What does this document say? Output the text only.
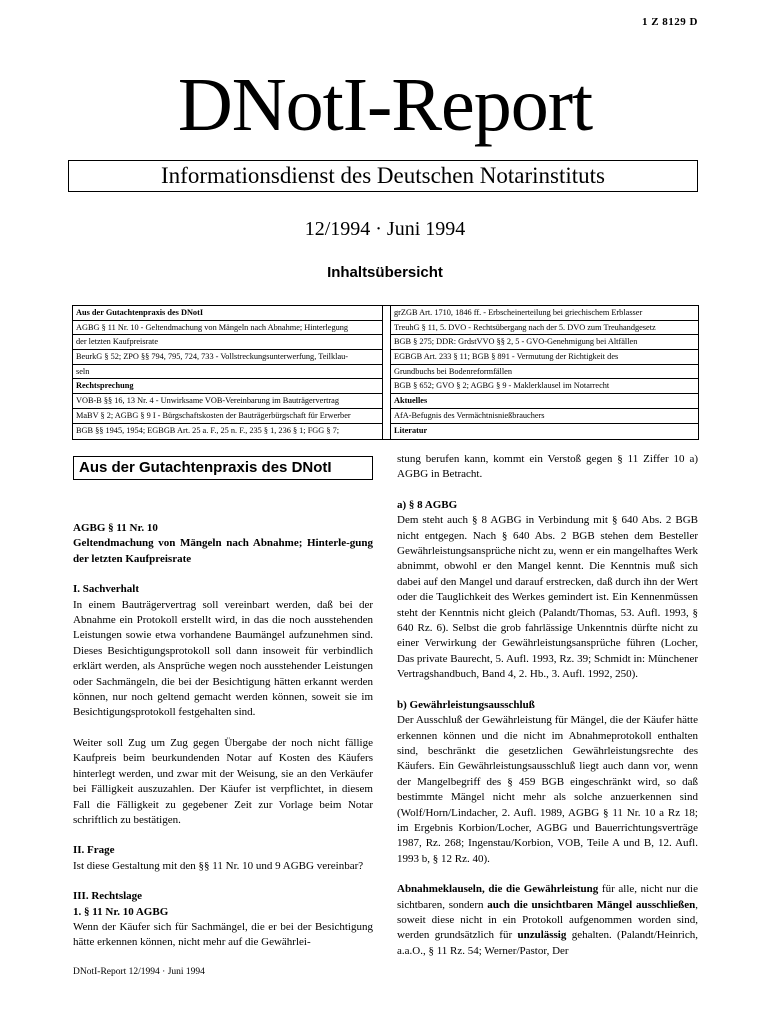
1 Z 8129 D
DNotI-Report
Informationsdienst des Deutschen Notarinstituts
12/1994 · Juni 1994
Inhaltsübersicht
Aus der Gutachtenpraxis des DNotI
AGBG § 11 Nr. 10 - Geltendmachung von Mängeln nach Abnahme; Hinterlegung
der letzten Kaufpreisrate
BeurkG § 52; ZPO §§ 794, 795, 724, 733 - Vollstreckungsunterwerfung, Teilklau-
seln
Rechtsprechung
VOB-B §§ 16, 13 Nr. 4 - Unwirksame VOB-Vereinbarung im Bauträgervertrag
MaBV § 2; AGBG § 9 I - Bürgschaftskosten der Bauträgerbürgschaft für Erwerber
BGB §§ 1945, 1954; EGBGB Art. 25 a. F., 25 n. F., 235 § 1, 236 § 1; FGG § 7;
grZGB Art. 1710, 1846 ff. - Erbscheinerteilung bei griechischem Erblasser
TreuhG § 11, 5. DVO - Rechtsübergang nach der 5. DVO zum Treuhandgesetz
BGB § 275; DDR: GrdstVVO §§ 2, 5 - GVO-Genehmigung bei Altfällen
EGBGB Art. 233 § 11; BGB § 891 - Vermutung der Richtigkeit des
Grundbuchs bei Bodenreformfällen
BGB § 652; GVO § 2; AGBG § 9 - Maklerklausel im Notarrecht
Aktuelles
AfA-Befugnis des Vermächtnisnießbrauchers
Literatur
Aus der Gutachtenpraxis des DNotI

AGBG § 11 Nr. 10

Geltendmachung von Mängeln nach Abnahme; Hinterle-gung der letzten Kaufpreisrate

I. Sachverhalt

In einem Bauträgervertrag soll vereinbart werden, daß bei der Abnahme ein Protokoll erstellt wird, in das die noch ausstehenden Leistungen sowie etwa vorhandene Baumängel aufzunehmen sind. Dieses Besichtigungsprotokoll soll dann insoweit für verbindlich erklärt werden, als Ansprüche wegen noch ausstehender Leistungen oder Sachmängeln, die bei der Besichtigung hätten erkannt werden können, nur noch geltend gemacht werden können, soweit sie im Besichtigungsprotokoll festgehalten sind.

Weiter soll Zug um Zug gegen Übergabe der noch nicht fällige Kaufpreis beim beurkundenden Notar auf Kosten des Käufers hinterlegt werden, und zwar mit der Weisung, sie an den Verkäufer bei Fälligkeit auszuzahlen. Der Käufer ist verpflichtet, in diesem Fall die Fälligkeit zu gegebener Zeit zur Vorlage beim Notar schriftlich zu bestätigen.

II. Frage

Ist diese Gestaltung mit den §§ 11 Nr. 10 und 9 AGBG vereinbar?

III. Rechtslage

1. § 11 Nr. 10 AGBG

Wenn der Käufer sich für Sachmängel, die er bei der Besichtigung hätte erkennen können, nicht mehr auf die Gewährlei-

stung berufen kann, kommt ein Verstoß gegen § 11 Ziffer 10 a) AGBG in Betracht.

a) § 8 AGBG

Dem steht auch § 8 AGBG in Verbindung mit § 640 Abs. 2 BGB nicht entgegen. Nach § 640 Abs. 2 BGB stehen dem Besteller Gewährleistungsansprüche nicht zu, wenn er ein mangelhaftes Werk abnimmt, obwohl er den Mangel kennt. Die Kenntnis muß sich dabei auf den Mangel und darauf erstrecken, daß durch ihn der Wert oder die Tauglichkeit des Werkes gemindert ist. Ein Kennenmüssen steht der Kenntnis nicht gleich (Palandt/Thomas, 53. Aufl. 1993, § 640 Rz. 6). Selbst die grob fahrlässige Unkenntnis dürfte nicht zu einer Verwirkung der Gewährleistungsansprüche führen (Locher, Das private Baurecht, 5. Aufl. 1993, Rz. 39; Schmidt in: Münchener Vertragshandbuch, Band 4, 2. Hb., 3. Aufl. 1992, 250).

b) Gewährleistungsausschluß

Der Ausschluß der Gewährleistung für Mängel, die der Käufer hätte erkennen können und die nicht im Abnahmeprotokoll enthalten sind, beschränkt die gesetzlichen Gewährleistungsrechte des Käufers. Ein Gewährleistungsausschluß liegt auch dann vor, wenn der Mangelbegriff des § 459 BGB eingeschränkt wird, so daß bestimmte Mängel nicht mehr als solche anzuerkennen sind (Wolf/Horn/Lindacher, 2. Aufl. 1989, AGBG § 11 Nr. 10 a Rz 18; im Ergebnis Korbion/Locher, AGBG und Bauerrichtungsverträge 1987, Rz. 268; Ingenstau/Korbion, VOB, Teile A und B, 12. Aufl. 1993 b, § 12 Rz. 40).

Abnahmeklauseln, die die Gewährleistung für alle, nicht nur die sichtbaren, sondern auch die unsichtbaren Mängel ausschließen, soweit diese nicht in ein Protokoll aufgenommen worden sind, werden grundsätzlich für unzulässig gehalten. (Palandt/Heinrich, a.a.O., § 11 Rz. 54; Werner/Pastor, Der

DNotI-Report 12/1994 · Juni 1994
